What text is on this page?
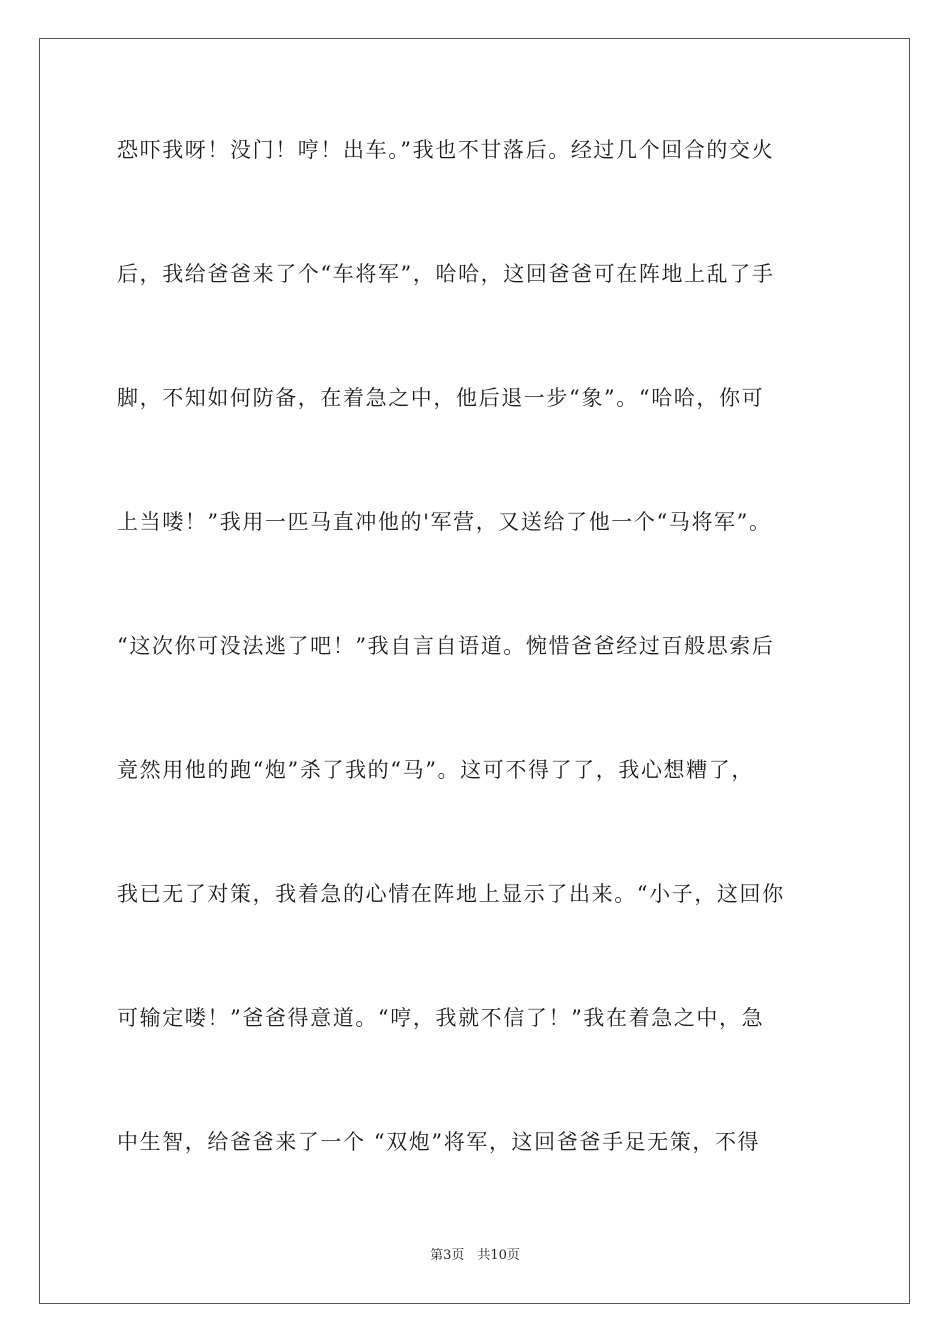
恐吓我呀！没门！哼！出车。”我也不甘落后。经过几个回合的交火
后，我给爸爸来了个“车将军”，哈哈，这回爸爸可在阵地上乱了手
脚，不知如何防备，在着急之中，他后退一步“象”。“哈哈，你可
上当喽！”我用一匹马直冲他的'军营，又送给了他一个“马将军”。
“这次你可没法逃了吧！”我自言自语道。惋惜爸爸经过百般思索后
竟然用他的跑“炮”杀了我的“马”。这可不得了了，我心想糟了，
我已无了对策，我着急的心情在阵地上显示了出来。“小子，这回你
可输定喽！”爸爸得意道。“哼，我就不信了！”我在着急之中，急
中生智，给爸爸来了一个 “双炮”将军，这回爸爸手足无策，不得
第3页　共10页
